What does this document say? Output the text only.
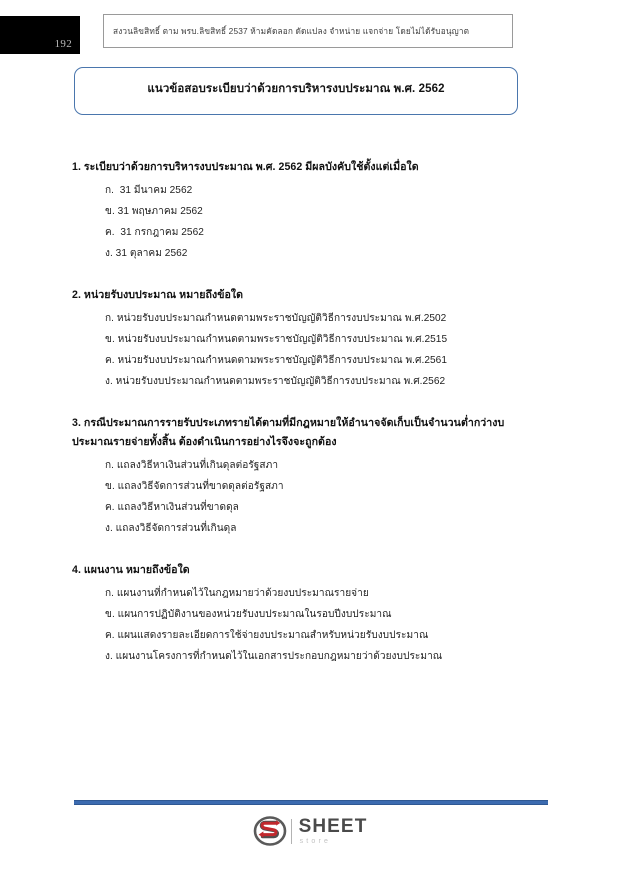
192
สงวนลิขสิทธิ์ ตาม พรบ.ลิขสิทธิ์ 2537 ห้ามคัดลอก ดัดแปลง จำหน่าย แจกจ่าย โดยไม่ได้รับอนุญาต
แนวข้อสอบระเบียบว่าด้วยการบริหารงบประมาณ พ.ศ. 2562
1. ระเบียบว่าด้วยการบริหารงบประมาณ พ.ศ. 2562 มีผลบังคับใช้ตั้งแต่เมื่อใด
ก.  31 มีนาคม 2562
ข. 31 พฤษภาคม 2562
ค.  31 กรกฎาคม 2562
ง. 31 ตุลาคม 2562
2. หน่วยรับงบประมาณ หมายถึงข้อใด
ก. หน่วยรับงบประมาณกำหนดตามพระราชบัญญัติวิธีการงบประมาณ พ.ศ.2502
ข. หน่วยรับงบประมาณกำหนดตามพระราชบัญญัติวิธีการงบประมาณ พ.ศ.2515
ค. หน่วยรับงบประมาณกำหนดตามพระราชบัญญัติวิธีการงบประมาณ พ.ศ.2561
ง. หน่วยรับงบประมาณกำหนดตามพระราชบัญญัติวิธีการงบประมาณ พ.ศ.2562
3. กรณีประมาณการรายรับประเภทรายได้ตามที่มีกฎหมายให้อำนาจจัดเก็บเป็นจำนวนต่ำกว่างบประมาณรายจ่ายทั้งสิ้น ต้องดำเนินการอย่างไรจึงจะถูกต้อง
ก. แถลงวิธีหาเงินส่วนที่เกินดุลต่อรัฐสภา
ข. แถลงวิธีจัดการส่วนที่ขาดดุลต่อรัฐสภา
ค. แถลงวิธีหาเงินส่วนที่ขาดดุล
ง. แถลงวิธีจัดการส่วนที่เกินดุล
4. แผนงาน หมายถึงข้อใด
ก. แผนงานที่กำหนดไว้ในกฎหมายว่าด้วยงบประมาณรายจ่าย
ข. แผนการปฏิบัติงานของหน่วยรับงบประมาณในรอบปีงบประมาณ
ค. แผนแสดงรายละเอียดการใช้จ่ายงบประมาณสำหรับหน่วยรับงบประมาณ
ง. แผนงานโครงการที่กำหนดไว้ในเอกสารประกอบกฎหมายว่าด้วยงบประมาณ
SHEET
store
